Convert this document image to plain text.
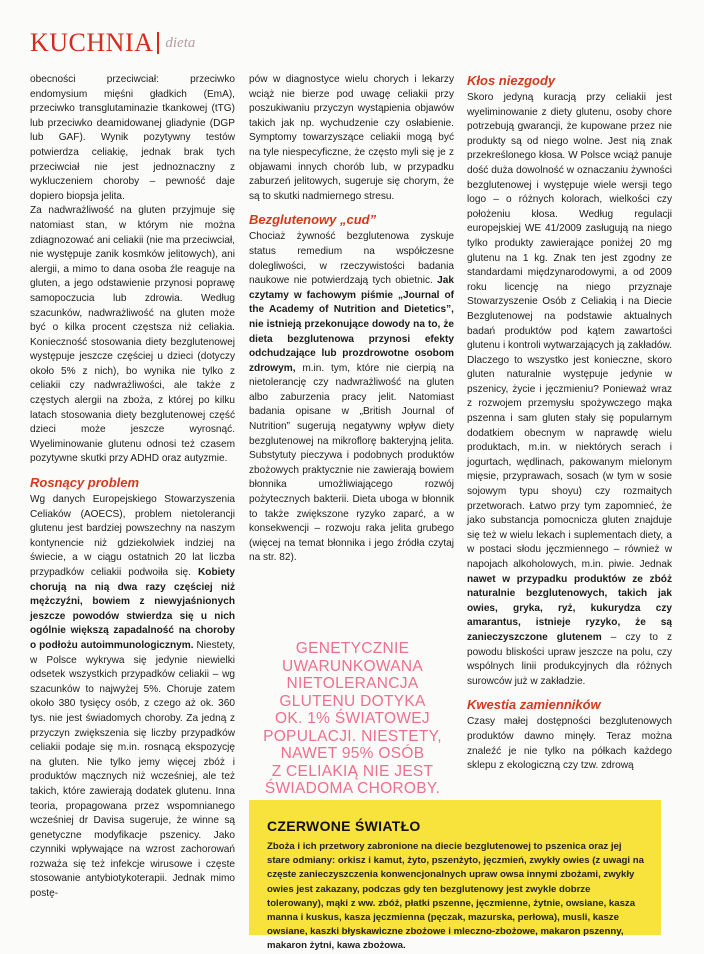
KUCHNIA dieta

obecności przeciwciał: przeciwko endomysium mięśni gładkich (EmA), przeciwko transglutaminazie tkankowej (tTG) lub przeciwko deamidowanej gliadynie (DGP lub GAF). Wynik pozytywny testów potwierdza celiakię, jednak brak tych przeciwciał nie jest jednoznaczny z wykluczeniem choroby – pewność daje dopiero biopsja jelita.

Za nadwrażliwość na gluten przyjmuje się natomiast stan, w którym nie można zdiagnozować ani celiakii (nie ma przeciwciał, nie występuje zanik kosmków jelitowych), ani alergii, a mimo to dana osoba źle reaguje na gluten, a jego odstawienie przynosi poprawę samopoczucia lub zdrowia. Według szacunków, nadwrażliwość na gluten może być o kilka procent częstsza niż celiakia. Konieczność stosowania diety bezglutenowej występuje jeszcze częściej u dzieci (dotyczy około 5% z nich), bo wynika nie tylko z celiakii czy nadwrażliwości, ale także z częstych alergii na zboża, z której po kilku latach stosowania diety bezglutenowej część dzieci może jeszcze wyrosnąć. Wyeliminowanie glutenu odnosi też czasem pozytywne skutki przy ADHD oraz autyzmie.

Rosnący problem

Wg danych Europejskiego Stowarzyszenia Celiaków (AOECS), problem nietolerancji glutenu jest bardziej powszechny na naszym kontynencie niż gdziekolwiek indziej na świecie, a w ciągu ostatnich 20 lat liczba przypadków celiakii podwoiła się. Kobiety chorują na nią dwa razy częściej niż mężczyźni, bowiem z niewyjaśnionych jeszcze powodów stwierdza się u nich ogólnie większą zapadalność na choroby o podłożu autoimmunologicznym. Niestety, w Polsce wykrywa się jedynie niewielki odsetek wszystkich przypadków celiakii – wg szacunków to najwyżej 5%. Choruje zatem około 380 tysięcy osób, z czego aż ok. 360 tys. nie jest świadomych choroby. Za jedną z przyczyn zwiększenia się liczby przypadków celiakii podaje się m.in. rosnącą ekspozycję na gluten. Nie tylko jemy więcej zbóż i produktów mącznych niż wcześniej, ale też takich, które zawierają dodatek glutenu. Inna teoria, propagowana przez wspomnianego wcześniej dr Davisa sugeruje, że winne są genetyczne modyfikacje pszenicy. Jako czynniki wpływające na wzrost zachorowań rozważa się też infekcje wirusowe i częste stosowanie antybiotykoterapii. Jednak mimo postę-

pów w diagnostyce wielu chorych i lekarzy wciąż nie bierze pod uwagę celiakii przy poszukiwaniu przyczyn wystąpienia objawów takich jak np. wychudzenie czy osłabienie. Symptomy towarzyszące celiakii mogą być na tyle niespecyficzne, że często myli się je z objawami innych chorób lub, w przypadku zaburzeń jelitowych, sugeruje się chorym, że są to skutki nadmiernego stresu.

Bezglutenowy „cud”

Chociaż żywność bezglutenowa zyskuje status remedium na współczesne dolegliwości, w rzeczywistości badania naukowe nie potwierdzają tych obietnic. Jak czytamy w fachowym piśmie „Journal of the Academy of Nutrition and Dietetics”, nie istnieją przekonujące dowody na to, że dieta bezglutenowa przynosi efekty odchudzające lub prozdrowotne osobom zdrowym, m.in. tym, które nie cierpią na nietolerancję czy nadwrażliwość na gluten albo zaburzenia pracy jelit. Natomiast badania opisane w „British Journal of Nutrition” sugerują negatywny wpływ diety bezglutenowej na mikroflorę bakteryjną jelita. Substytuty pieczywa i podobnych produktów zbożowych praktycznie nie zawierają bowiem błonnika umożliwiającego rozwój pożytecznych bakterii. Dieta uboga w błonnik to także zwiększone ryzyko zaparć, a w konsekwencji – rozwoju raka jelita grubego (więcej na temat błonnika i jego źródła czytaj na str. 82).

GENETYCZNIE
UWARUNKOWANA
NIETOLERANCJA
GLUTENU DOTYKA
OK. 1% ŚWIATOWEJ
POPULACJI. NIESTETY,
NAWET 95% OSÓB
Z CELIAKIĄ NIE JEST
ŚWIADOMA CHOROBY.
Kłos niezgody

Skoro jedyną kuracją przy celiakii jest wyeliminowanie z diety glutenu, osoby chore potrzebują gwarancji, że kupowane przez nie produkty są od niego wolne. Jest nią znak przekreślonego kłosa. W Polsce wciąż panuje dość duża dowolność w oznaczaniu żywności bezglutenowej i występuje wiele wersji tego logo – o różnych kolorach, wielkości czy położeniu kłosa. Według regulacji europejskiej WE 41/2009 zasługują na niego tylko produkty zawierające poniżej 20 mg glutenu na 1 kg. Znak ten jest zgodny ze standardami międzynarodowymi, a od 2009 roku licencję na niego przyznaje Stowarzyszenie Osób z Celiakią i na Diecie Bezglutenowej na podstawie aktualnych badań produktów pod kątem zawartości glutenu i kontroli wytwarzających ją zakładów. Dlaczego to wszystko jest konieczne, skoro gluten naturalnie występuje jedynie w pszenicy, życie i jęczmieniu? Ponieważ wraz z rozwojem przemysłu spożywczego mąka pszenna i sam gluten stały się popularnym dodatkiem obecnym w naprawdę wielu produktach, m.in. w niektórych serach i jogurtach, wędlinach, pakowanym mielonym mięsie, przyprawach, sosach (w tym w sosie sojowym typu shoyu) czy rozmaitych przetworach. Łatwo przy tym zapomnieć, że jako substancja pomocnicza gluten znajduje się też w wielu lekach i suplementach diety, a w postaci słodu jęczmiennego – również w napojach alkoholowych, m.in. piwie. Jednak nawet w przypadku produktów ze zbóż naturalnie bezglutenowych, takich jak owies, gryka, ryż, kukurydza czy amarantus, istnieje ryzyko, że są zanieczyszczone glutenem – czy to z powodu bliskości upraw jeszcze na polu, czy wspólnych linii produkcyjnych dla różnych surowców już w zakładzie.

Kwestia zamienników

Czasy małej dostępności bezglutenowych produktów dawno minęły. Teraz można znaleźć je nie tylko na półkach każdego sklepu z ekologiczną czy tzw. zdrową

CZERWONE ŚWIATŁO
Zboża i ich przetwory zabronione na diecie bezglutenowej to pszenica oraz jej stare odmiany: orkisz i kamut, żyto, pszenżyto, jęczmień, zwykły owies (z uwagi na częste zanieczyszczenia konwencjonalnych upraw owsa innymi zbożami, zwykły owies jest zakazany, podczas gdy ten bezglutenowy jest zwykle dobrze tolerowany), mąki z ww. zbóż, płatki pszenne, jęczmienne, żytnie, owsiane, kasza manna i kuskus, kasza jęczmienna (pęczak, mazurska, perłowa), musli, kasze owsiane, kaszki błyskawiczne zbożowe i mleczno-zbożowe, makaron pszenny, makaron żytni, kawa zbożowa.
